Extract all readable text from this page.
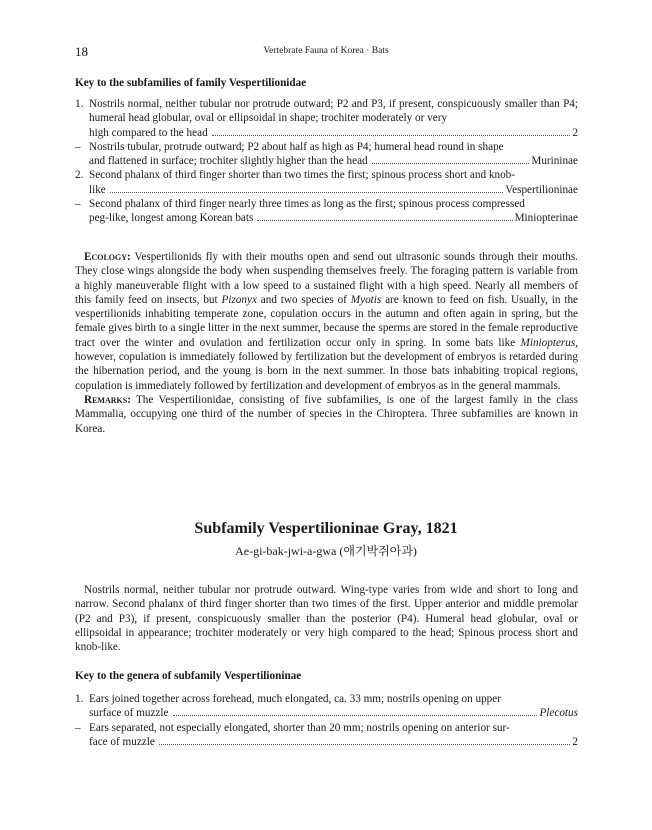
18	Vertebrate Fauna of Korea · Bats

Key to the subfamilies of family Vespertilionidae

1. Nostrils normal, neither tubular nor protrude outward; P2 and P3, if present, conspicuously smaller than P4; humeral head globular, oval or ellipsoidal in shape; trochiter moderately or very
high compared to the head	2
– Nostrils tubular, protrude outward; P2 about half as high as P4; humeral head round in shape
and flattened in surface; trochiter slightly higher than the head	Murininae
2. Second phalanx of third finger shorter than two times the first; spinous process short and knob-
like	Vespertilioninae
– Second phalanx of third finger nearly three times as long as the first; spinous process compressed
peg-like, longest among Korean bats	Miniopterinae

Ecology: Vespertilionids fly with their mouths open and send out ultrasonic sounds through their mouths. They close wings alongside the body when suspending themselves freely. The foraging pattern is variable from a highly maneuverable flight with a low speed to a sustained flight with a high speed. Nearly all members of this family feed on insects, but Pizonyx and two species of Myotis are known to feed on fish. Usually, in the vespertilionids inhabiting temperate zone, copulation occurs in the autumn and often again in spring, but the female gives birth to a single litter in the next summer, because the sperms are stored in the female reproductive tract over the winter and ovulation and fertilization occur only in spring. In some bats like Miniopterus, however, copulation is immediately followed by fertilization but the development of embryos is retarded during the hibernation period, and the young is born in the next summer. In those bats inhabiting tropical regions, copulation is immediately followed by fertilization and development of embryos as in the general mammals.

Remarks: The Vespertilionidae, consisting of five subfamilies, is one of the largest family in the class Mammalia, occupying one third of the number of species in the Chiroptera. Three subfamilies are known in Korea.

Subfamily Vespertilioninae Gray, 1821
Ae-gi-bak-jwi-a-gwa (애기박쥐아과)

Nostrils normal, neither tubular nor protrude outward. Wing-type varies from wide and short to long and narrow. Second phalanx of third finger shorter than two times of the first. Upper anterior and middle premolar (P2 and P3), if present, conspicuously smaller than the posterior (P4). Humeral head globular, oval or ellipsoidal in appearance; trochiter moderately or very high compared to the head; Spinous process short and knob-like.

Key to the genera of subfamily Vespertilioninae

1. Ears joined together across forehead, much elongated, ca. 33 mm; nostrils opening on upper
surface of muzzle	Plecotus
– Ears separated, not especially elongated, shorter than 20 mm; nostrils opening on anterior sur-
face of muzzle	2
